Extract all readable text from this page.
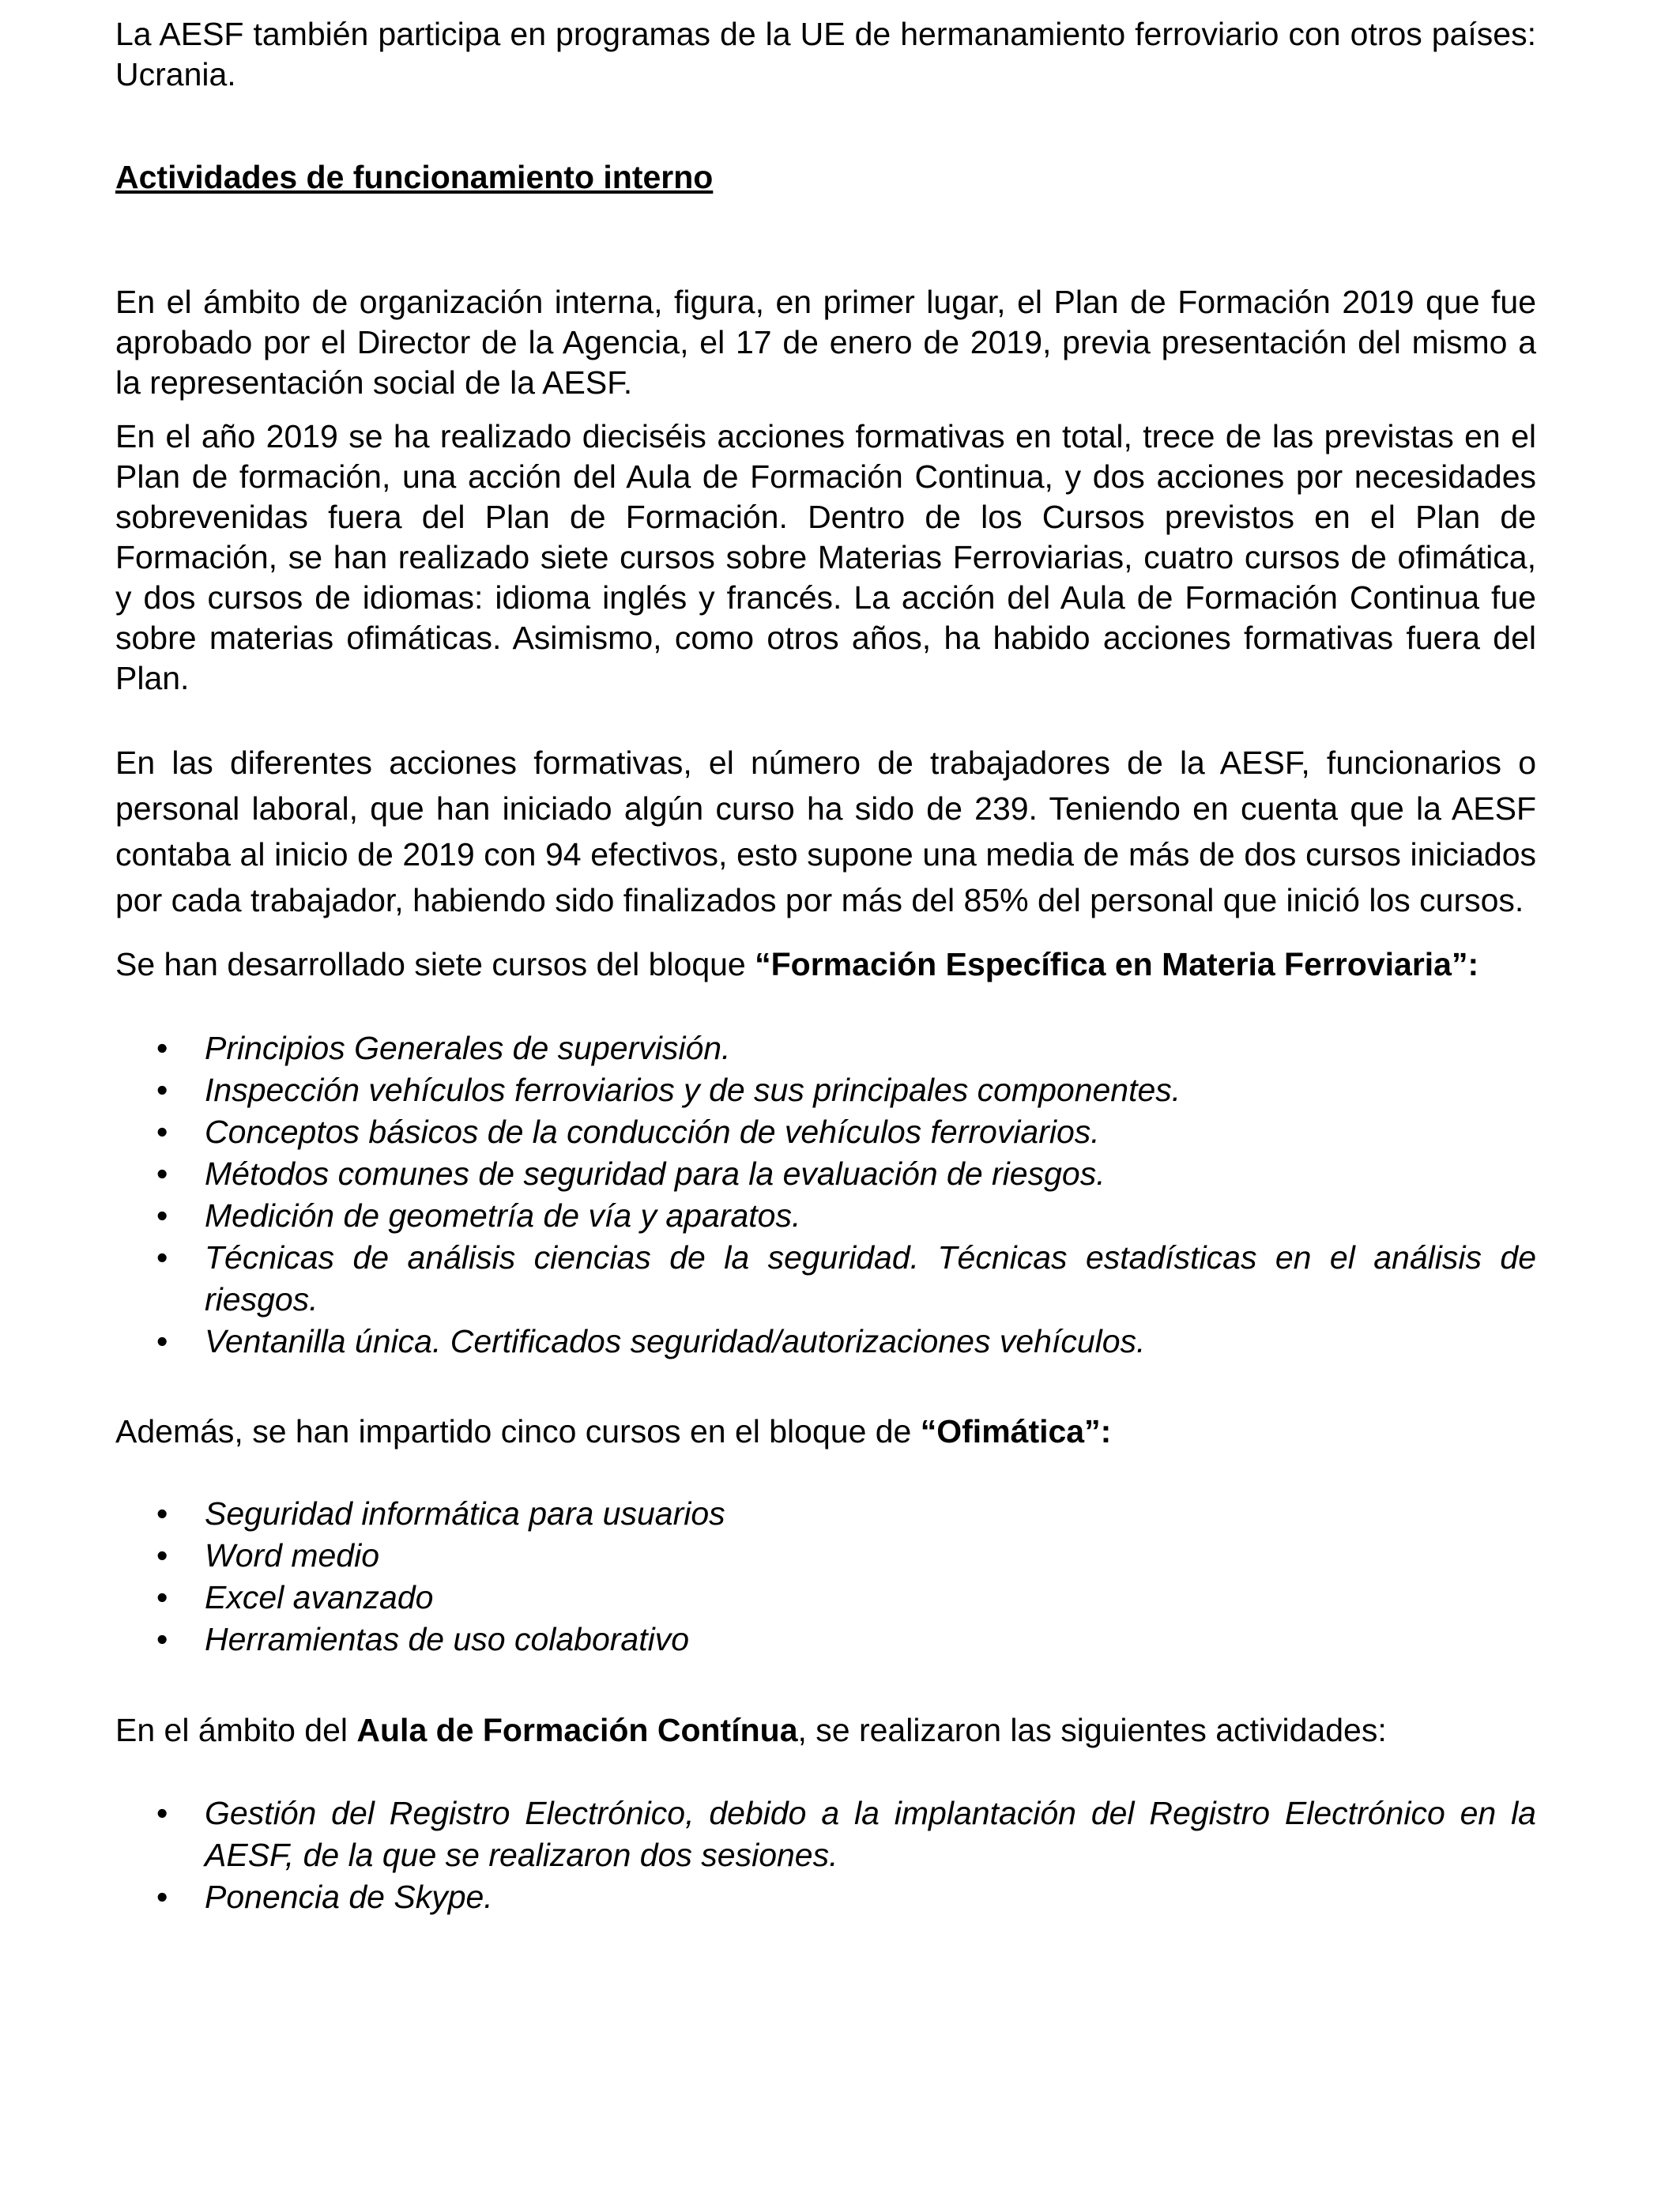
La AESF también participa en programas de la UE de hermanamiento ferroviario con otros países: Ucrania.

Actividades de funcionamiento interno

En el ámbito de organización interna, figura, en primer lugar, el Plan de Formación 2019 que fue aprobado por el Director de la Agencia, el 17 de enero de 2019, previa presentación del mismo a la representación social de la AESF.

En el año 2019 se ha realizado dieciséis acciones formativas en total, trece de las previstas en el Plan de formación, una acción del Aula de Formación Continua, y dos acciones por necesidades sobrevenidas fuera del Plan de Formación. Dentro de los Cursos previstos en el Plan de Formación, se han realizado siete cursos sobre Materias Ferroviarias, cuatro cursos de ofimática, y dos cursos de idiomas: idioma inglés y francés. La acción del Aula de Formación Continua fue sobre materias ofimáticas. Asimismo, como otros años, ha habido acciones formativas fuera del Plan.

En las diferentes acciones formativas, el número de trabajadores de la AESF, funcionarios o personal laboral, que han iniciado algún curso ha sido de 239. Teniendo en cuenta que la AESF contaba al inicio de 2019 con 94 efectivos, esto supone una media de más de dos cursos iniciados por cada trabajador, habiendo sido finalizados por más del 85% del personal que inició los cursos.

Se han desarrollado siete cursos del bloque “Formación Específica en Materia Ferroviaria”:

• Principios Generales de supervisión.
• Inspección vehículos ferroviarios y de sus principales componentes.
• Conceptos básicos de la conducción de vehículos ferroviarios.
• Métodos comunes de seguridad para la evaluación de riesgos.
• Medición de geometría de vía y aparatos.
• Técnicas de análisis ciencias de la seguridad. Técnicas estadísticas en el análisis de riesgos.
• Ventanilla única. Certificados seguridad/autorizaciones vehículos.

Además, se han impartido cinco cursos en el bloque de “Ofimática”:

• Seguridad informática para usuarios
• Word medio
• Excel avanzado
• Herramientas de uso colaborativo

En el ámbito del Aula de Formación Contínua, se realizaron las siguientes actividades:

• Gestión del Registro Electrónico, debido a la implantación del Registro Electrónico en la AESF, de la que se realizaron dos sesiones.
• Ponencia de Skype.
